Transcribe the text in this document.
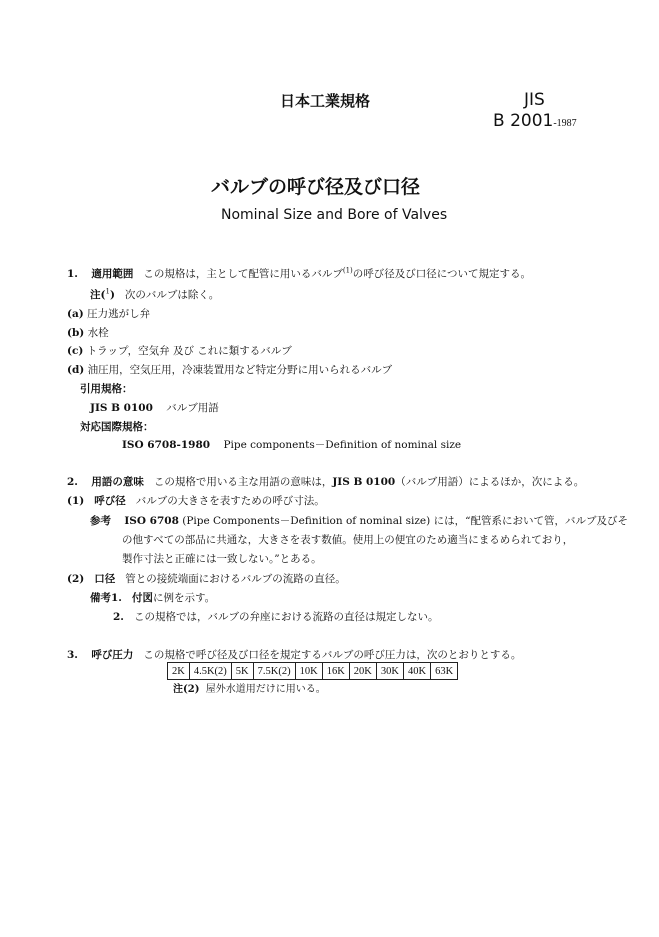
日本工業規格	JIS
B 2001-1987
バルブの呼び径及び口径
Nominal Size and Bore of Valves
1. 適用範囲 この規格は，主として配管に用いるバルブ$^{(1)}$の呼び径及び口径について規定する。
注($^1$) 次のバルブは除く。
(a) 圧力逃がし弁
(b) 水栓
(c) トラップ，空気弁 及び これに類するバルブ
(d) 油圧用，空気圧用，冷凍装置用など特定分野に用いられるバルブ
引用規格：
JIS B 0100 バルブ用語
対応国際規格：
ISO 6708-1980 Pipe components－Definition of nominal size
2. 用語の意味 この規格で用いる主な用語の意味は，JIS B 0100（バルブ用語）によるほか，次による。
(1) 呼び径 バルブの大きさを表すための呼び寸法。
参考 ISO 6708 (Pipe Components－Definition of nominal size) には，“配管系において管，バルブ及びそ
の他すべての部品に共通な，大きさを表す数値。使用上の便宜のため適当にまるめられており，
製作寸法と正確には一致しない。”とある。
(2) 口径 管との接続端面におけるバルブの流路の直径。
備考1. 付図に例を示す。
2. この規格では，バルブの弁座における流路の直径は規定しない。
3. 呼び圧力 この規格で呼び径及び口径を規定するバルブの呼び圧力は，次のとおりとする。
2K	4.5K(2)	5K	7.5K(2)	10K	16K	20K	30K	40K	63K
注(2) 屋外水道用だけに用いる。
